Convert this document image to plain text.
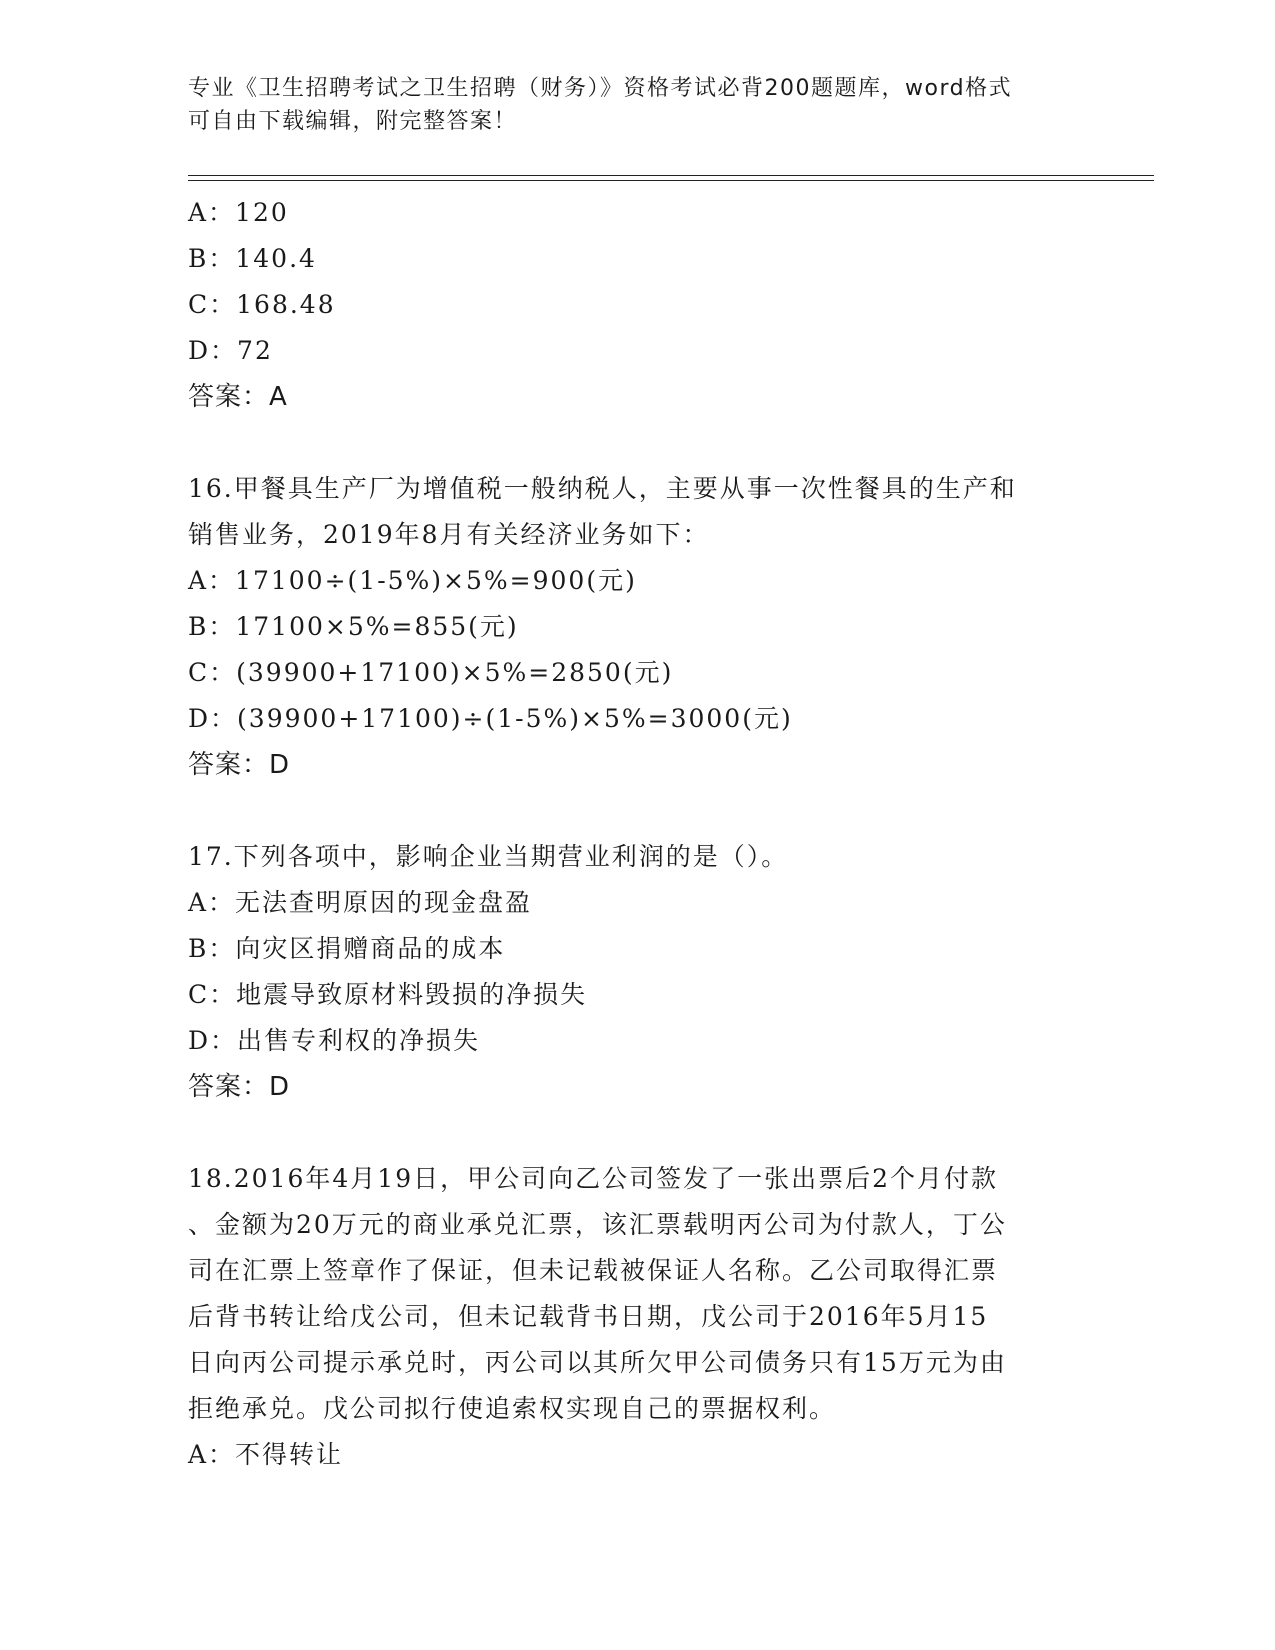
专业《卫生招聘考试之卫生招聘（财务）》资格考试必背200题题库，word格式
可自由下载编辑，附完整答案！
A：120
B：140.4
C：168.48
D：72
答案：A
16.甲餐具生产厂为增值税一般纳税人，主要从事一次性餐具的生产和
销售业务，2019年8月有关经济业务如下：
A：17100÷(1-5%)×5%=900(元)
B：17100×5%=855(元)
C：(39900+17100)×5%=2850(元)
D：(39900+17100)÷(1-5%)×5%=3000(元)
答案：D
17.下列各项中，影响企业当期营业利润的是（）。
A：无法查明原因的现金盘盈
B：向灾区捐赠商品的成本
C：地震导致原材料毁损的净损失
D：出售专利权的净损失
答案：D
18.2016年4月19日，甲公司向乙公司签发了一张出票后2个月付款
、金额为20万元的商业承兑汇票，该汇票载明丙公司为付款人，丁公
司在汇票上签章作了保证，但未记载被保证人名称。乙公司取得汇票
后背书转让给戊公司，但未记载背书日期，戊公司于2016年5月15
日向丙公司提示承兑时，丙公司以其所欠甲公司债务只有15万元为由
拒绝承兑。戊公司拟行使追索权实现自己的票据权利。
A：不得转让
